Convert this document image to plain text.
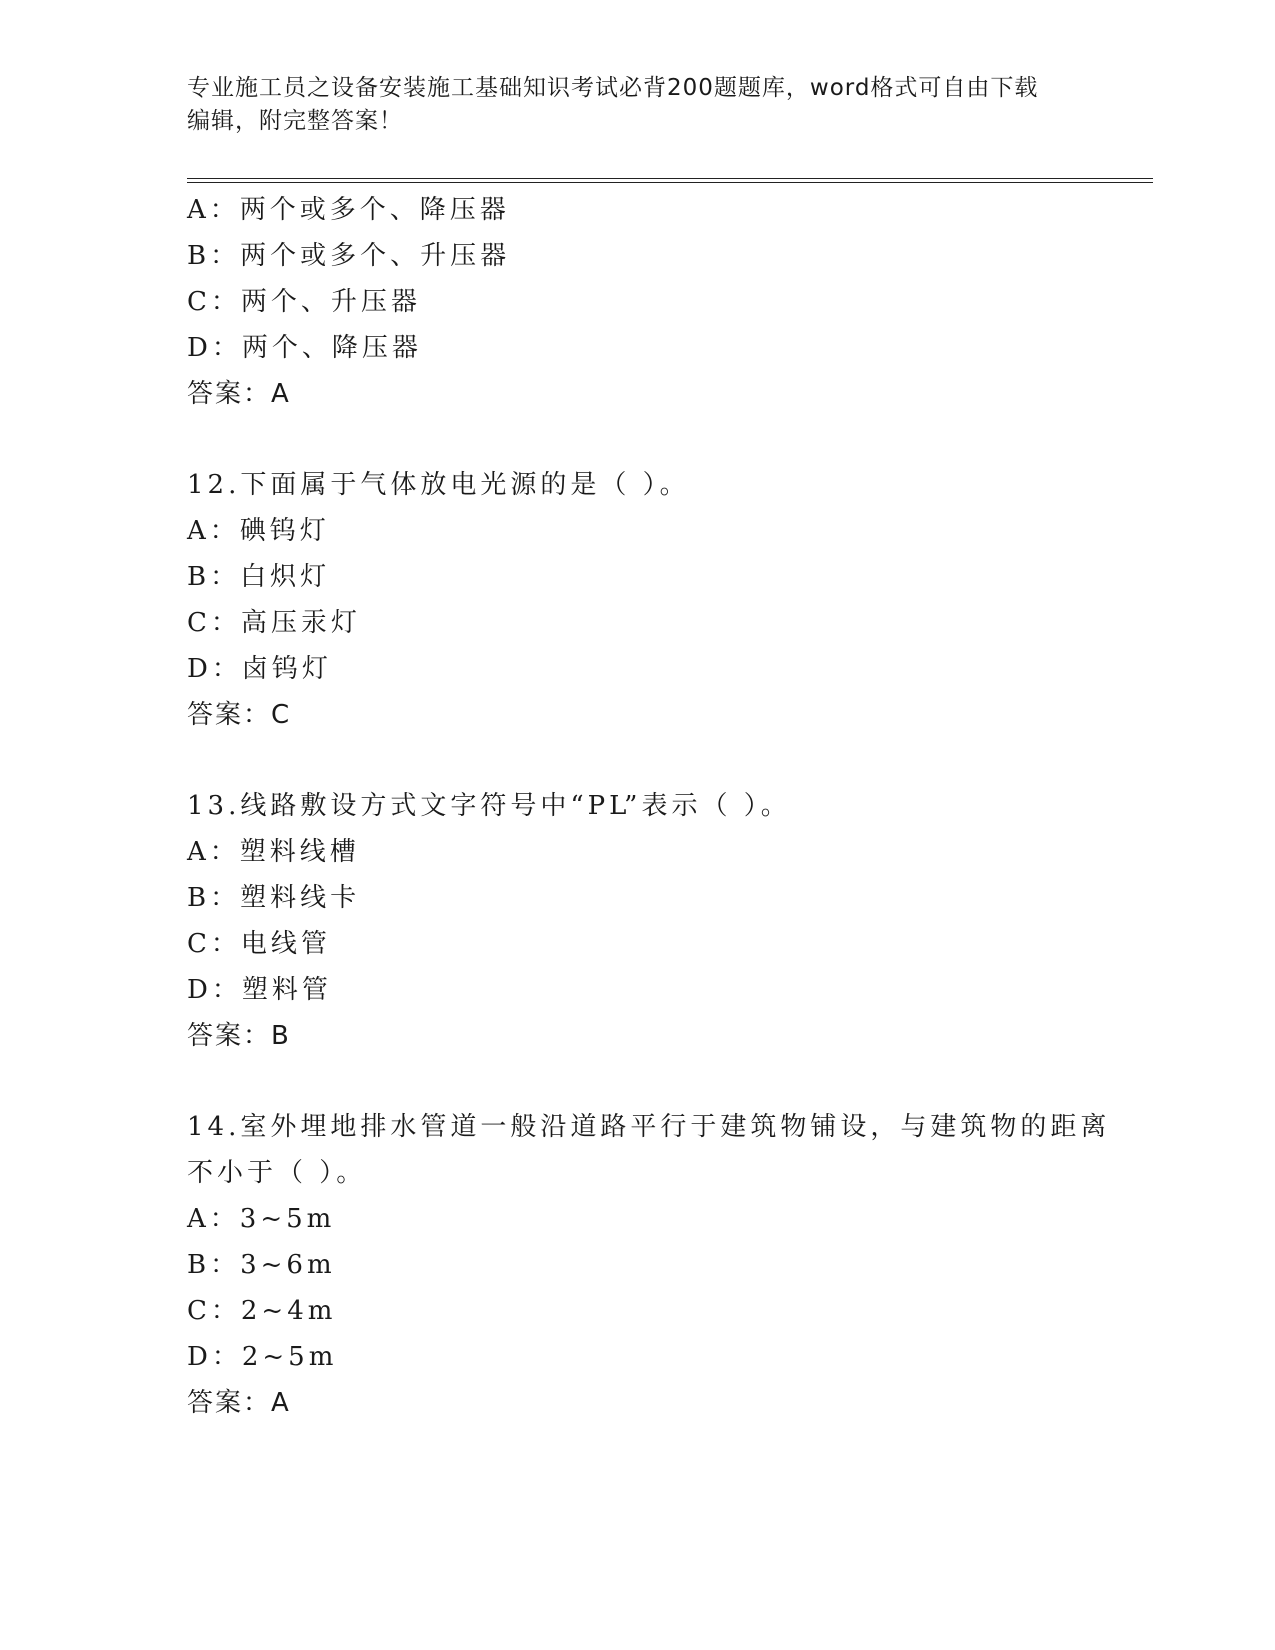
专业施工员之设备安装施工基础知识考试必背200题题库，word格式可自由下载
编辑，附完整答案！
A：两个或多个、降压器
B：两个或多个、升压器
C：两个、升压器
D：两个、降压器
答案：A
12.下面属于气体放电光源的是（ ）。
A：碘钨灯
B：白炽灯
C：高压汞灯
D：卤钨灯
答案：C
13.线路敷设方式文字符号中“PL”表示（ ）。
A：塑料线槽
B：塑料线卡
C：电线管
D：塑料管
答案：B
14.室外埋地排水管道一般沿道路平行于建筑物铺设，与建筑物的距离
不小于（ ）。
A：3~5m
B：3~6m
C：2~4m
D：2~5m
答案：A
